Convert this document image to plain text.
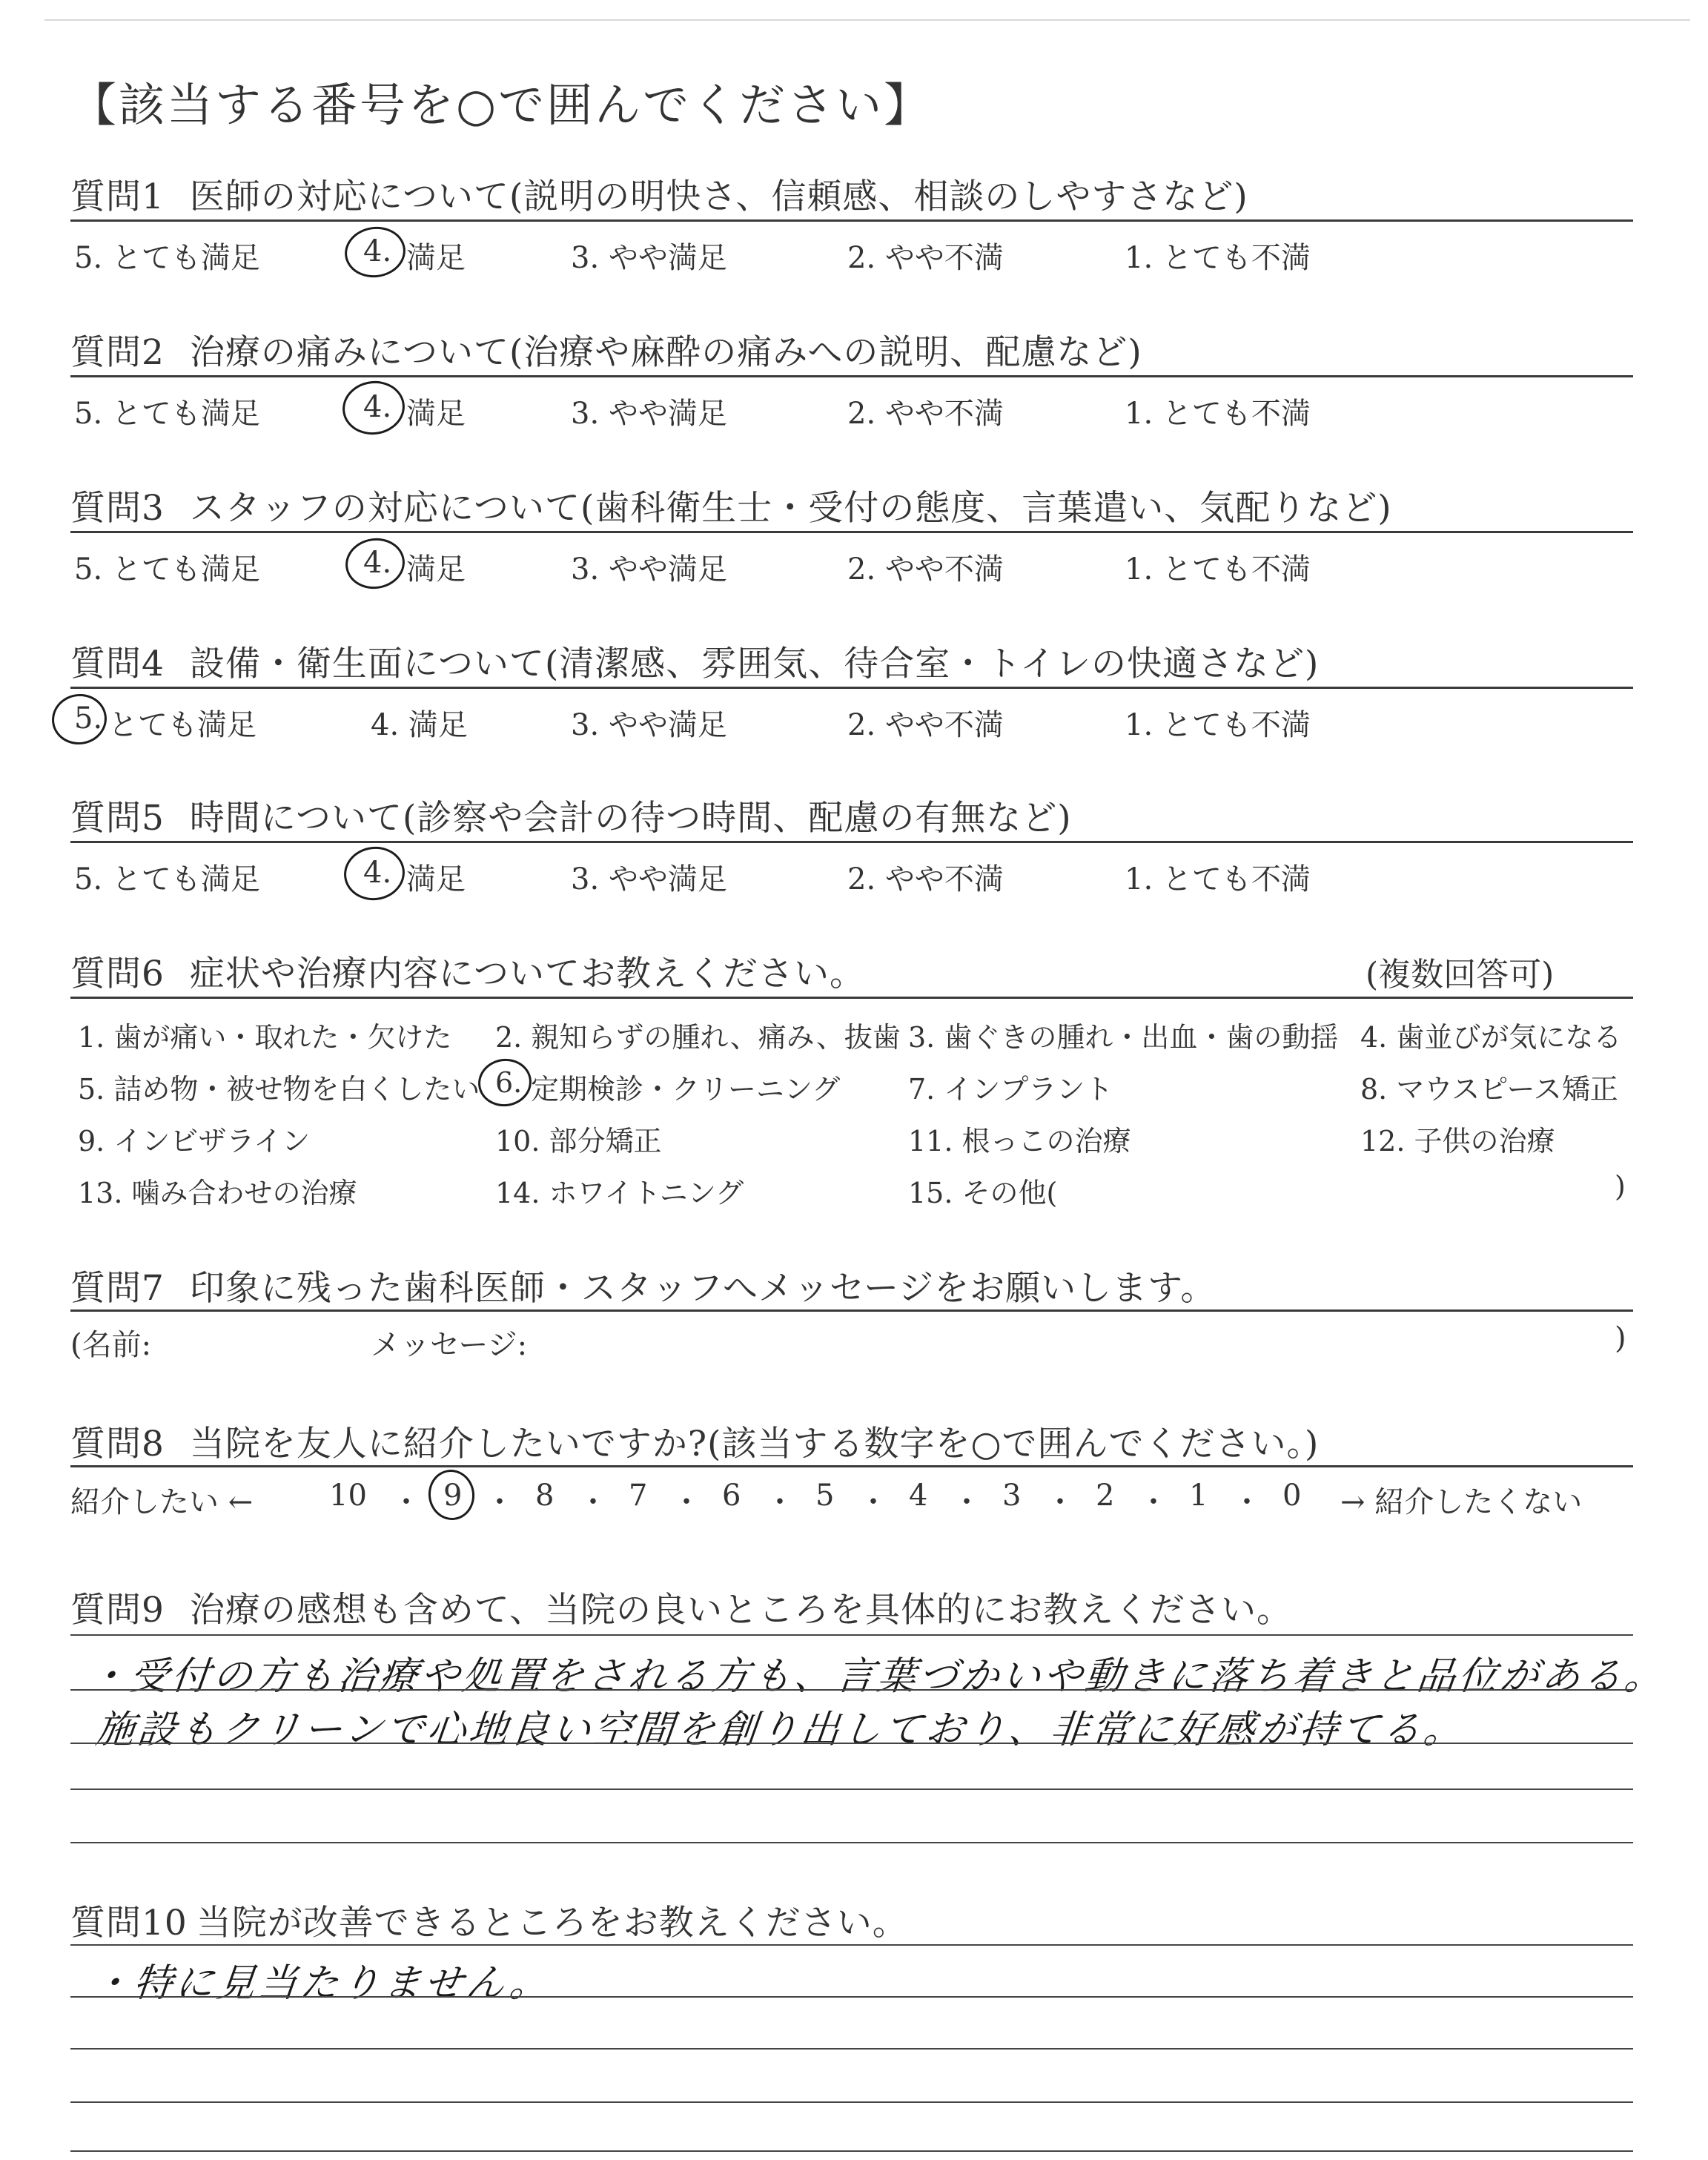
【該当する番号を○で囲んでください】
質問1 医師の対応について(説明の明快さ、信頼感、相談のしやすさなど)
5. とても満足	4. 満足	3. やや満足	2. やや不満	1. とても不満
質問2 治療の痛みについて(治療や麻酔の痛みへの説明、配慮など)
5. とても満足	4. 満足	3. やや満足	2. やや不満	1. とても不満
質問3 スタッフの対応について(歯科衛生士・受付の態度、言葉遣い、気配りなど)
5. とても満足	4. 満足	3. やや満足	2. やや不満	1. とても不満
質問4 設備・衛生面について(清潔感、雰囲気、待合室・トイレの快適さなど)
5. とても満足	4. 満足	3. やや満足	2. やや不満	1. とても不満
質問5 時間について(診察や会計の待つ時間、配慮の有無など)
5. とても満足	4. 満足	3. やや満足	2. やや不満	1. とても不満
質問6 症状や治療内容についてお教えください。	(複数回答可)
1. 歯が痛い・取れた・欠けた 2. 親知らずの腫れ、痛み、抜歯 3. 歯ぐきの腫れ・出血・歯の動揺 4. 歯並びが気になる
5. 詰め物・被せ物を白くしたい 6. 定期検診・クリーニング 7. インプラント	8. マウスピース矯正
9. インビザライン	10. 部分矯正	11. 根っこの治療	12. 子供の治療
13. 噛み合わせの治療	14. ホワイトニング	15. その他(	)
質問7 印象に残った歯科医師・スタッフへメッセージをお願いします。
(名前:	メッセージ:	)
質問8 当院を友人に紹介したいですか?(該当する数字を○で囲んでください。)
紹介したい ←	10 ・ 9 ・ 8 ・ 7 ・ 6 ・ 5 ・ 4 ・ 3 ・ 2 ・ 1 ・ 0 → 紹介したくない
質問9 治療の感想も含めて、当院の良いところを具体的にお教えください。
・受付の方も治療や処置をされる方も、言葉づかいや動きに落ち着きと品位がある。
施設もクリーンで心地良い空間を創り出しており、非常に好感が持てる。
質問10 当院が改善できるところをお教えください。
・特に見当たりません。
